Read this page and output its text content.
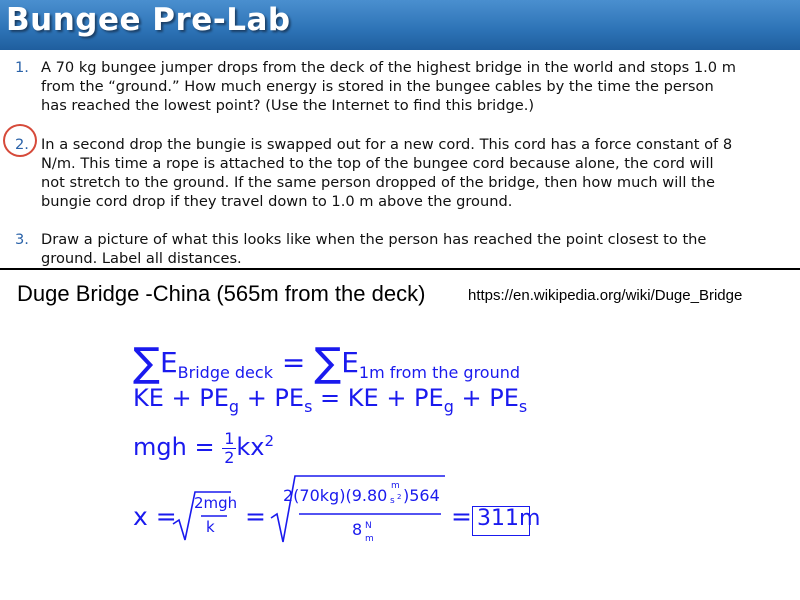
Bungee Pre-Lab
1. A 70 kg bungee jumper drops from the deck of the highest bridge in the world and stops 1.0 m from the “ground.” How much energy is stored in the bungee cables by the time the person has reached the lowest point? (Use the Internet to find this bridge.)
2. In a second drop the bungie is swapped out for a new cord. This cord has a force constant of 8 N/m. This time a rope is attached to the top of the bungee cord because alone, the cord will not stretch to the ground. If the same person dropped of the bridge, then how much will the bungie cord drop if they travel down to 1.0 m above the ground.
3. Draw a picture of what this looks like when the person has reached the point closest to the ground. Label all distances.
Duge Bridge -China (565m from the deck)	https://en.wikipedia.org/wiki/Duge_Bridge
$\sum E_{Bridge deck} = \sum E_{1m from the ground}$
KE + $PE_g + PE_s$ = KE + $PE_g + PE_s$
mgh = $\frac{1}{2} kx^2$
x = 2mgh
k =
2(70kg)(9.80 m
s 2 )564
8 N
m
= 311m
